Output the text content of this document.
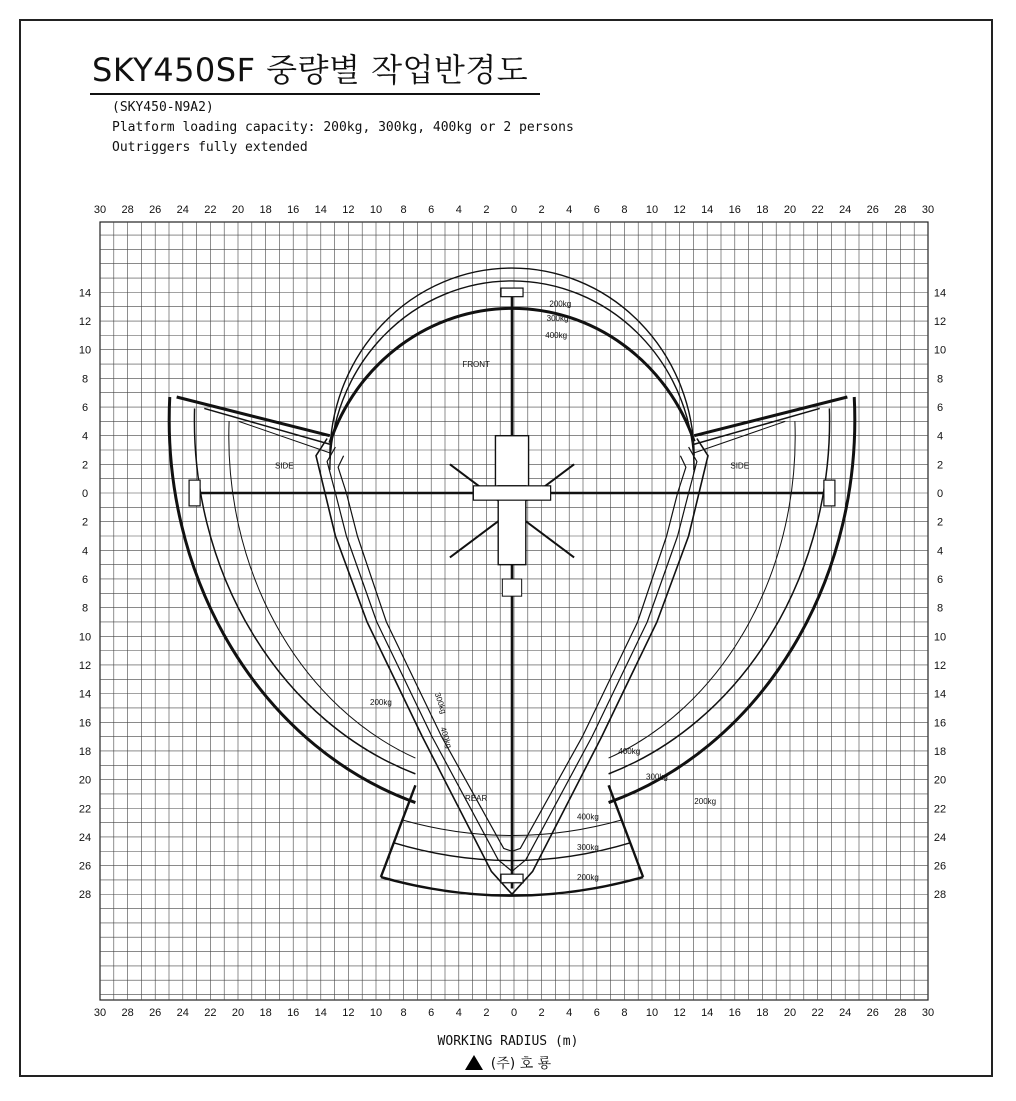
SKY450SF 중량별 작업반경도
(SKY450-N9A2)
Platform loading capacity: 200kg, 300kg, 400kg or 2 persons
Outriggers fully extended
30
30
28
28
26
26
24
24
22
22
20
20
18
18
16
16
14
14
12
12
10
10
8
8
6
6
4
4
2
2
0
0
2
2
4
4
6
6
8
8
10
10
12
12
14
14
16
16
18
18
20
20
22
22
24
24
26
26
28
28
30
30
14	14
12	12
10	10
8	8
6	6
4	4
2	2
0	0
2	2
4	4
6	6
8	8
10	10
12	12
14	14
16	16
18	18
20	20
22	22
24	24
26	26
28	28
FRONT
SIDE	SIDE
REAR
200kg
300kg
400kg
200kg	300kg
400kg
400kg
300kg
200kg
400kg
300kg
200kg
WORKING RADIUS (m)
(주) 호 룡
